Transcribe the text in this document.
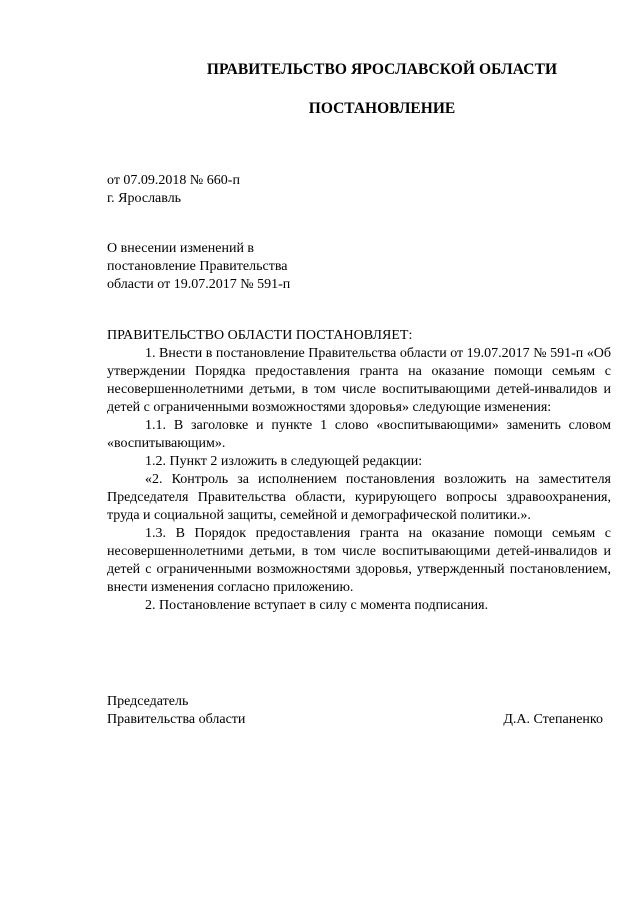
ПРАВИТЕЛЬСТВО ЯРОСЛАВСКОЙ ОБЛАСТИ
ПОСТАНОВЛЕНИЕ
от 07.09.2018 № 660-п
г. Ярославль
О внесении изменений в
постановление Правительства
области от 19.07.2017 № 591-п

ПРАВИТЕЛЬСТВО ОБЛАСТИ ПОСТАНОВЛЯЕТ:

1. Внести в постановление Правительства области от 19.07.2017 № 591-п «Об утверждении Порядка предоставления гранта на оказание помощи семьям с несовершеннолетними детьми, в том числе воспитывающими детей-инвалидов и детей с ограниченными возможностями здоровья» следующие изменения:

1.1. В заголовке и пункте 1 слово «воспитывающими» заменить словом «воспитывающим».

1.2. Пункт 2 изложить в следующей редакции:

«2. Контроль за исполнением постановления возложить на заместителя Председателя Правительства области, курирующего вопросы здравоохранения, труда и социальной защиты, семейной и демографической политики.».

1.3. В Порядок предоставления гранта на оказание помощи семьям с несовершеннолетними детьми, в том числе воспитывающими детей-инвалидов и детей с ограниченными возможностями здоровья, утвержденный постановлением, внести изменения согласно приложению.

2. Постановление вступает в силу с момента подписания.

Председатель
Правительства области	Д.А. Степаненко
